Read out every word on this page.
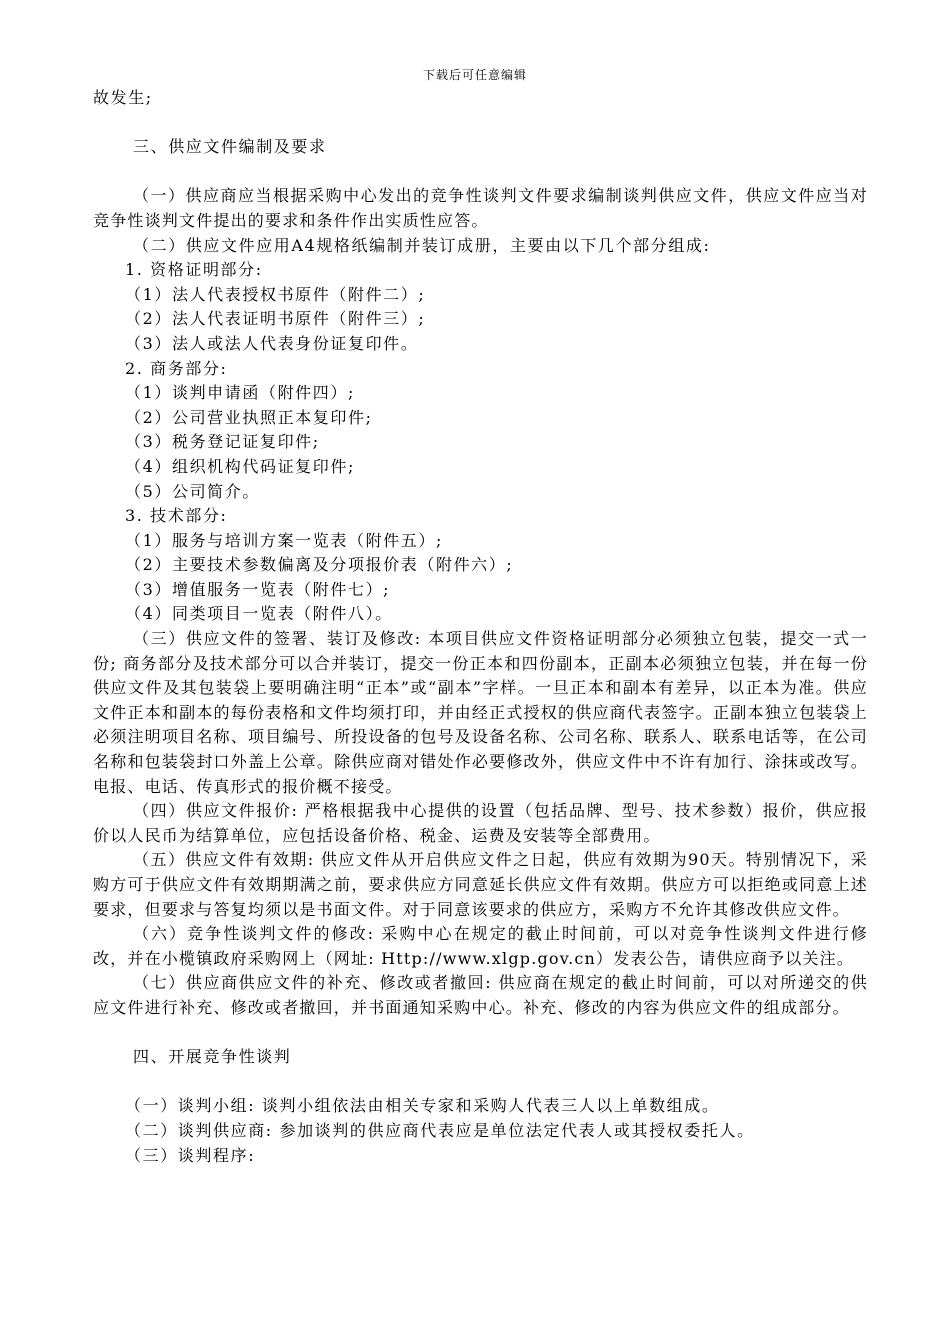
下载后可任意编辑
故发生;
三、供应文件编制及要求
（一）供应商应当根据采购中心发出的竞争性谈判文件要求编制谈判供应文件，供应文件应当对竞争性谈判文件提出的要求和条件作出实质性应答。
（二）供应文件应用A4规格纸编制并装订成册，主要由以下几个部分组成:
1. 资格证明部分:
（1）法人代表授权书原件（附件二）;
（2）法人代表证明书原件（附件三）;
（3）法人或法人代表身份证复印件。
2. 商务部分:
（1）谈判申请函（附件四）;
（2）公司营业执照正本复印件;
（3）税务登记证复印件;
（4）组织机构代码证复印件;
（5）公司简介。
3. 技术部分:
（1）服务与培训方案一览表（附件五）;
（2）主要技术参数偏离及分项报价表（附件六）;
（3）增值服务一览表（附件七）;
（4）同类项目一览表（附件八）。
（三）供应文件的签署、装订及修改: 本项目供应文件资格证明部分必须独立包装，提交一式一份; 商务部分及技术部分可以合并装订，提交一份正本和四份副本，正副本必须独立包装，并在每一份供应文件及其包装袋上要明确注明“正本”或“副本”字样。一旦正本和副本有差异，以正本为准。供应文件正本和副本的每份表格和文件均须打印，并由经正式授权的供应商代表签字。正副本独立包装袋上必须注明项目名称、项目编号、所投设备的包号及设备名称、公司名称、联系人、联系电话等，在公司名称和包装袋封口外盖上公章。除供应商对错处作必要修改外，供应文件中不许有加行、涂抹或改写。电报、电话、传真形式的报价概不接受。
（四）供应文件报价: 严格根据我中心提供的设置（包括品牌、型号、技术参数）报价，供应报价以人民币为结算单位，应包括设备价格、税金、运费及安装等全部费用。
（五）供应文件有效期: 供应文件从开启供应文件之日起，供应有效期为90天。特别情况下，采购方可于供应文件有效期期满之前，要求供应方同意延长供应文件有效期。供应方可以拒绝或同意上述要求，但要求与答复均须以是书面文件。对于同意该要求的供应方，采购方不允许其修改供应文件。
（六）竞争性谈判文件的修改: 采购中心在规定的截止时间前，可以对竞争性谈判文件进行修改，并在小榄镇政府采购网上（网址: Http://www.xlgp.gov.cn）发表公告，请供应商予以关注。
（七）供应商供应文件的补充、修改或者撤回: 供应商在规定的截止时间前，可以对所递交的供应文件进行补充、修改或者撤回，并书面通知采购中心。补充、修改的内容为供应文件的组成部分。
四、开展竞争性谈判
（一）谈判小组: 谈判小组依法由相关专家和采购人代表三人以上单数组成。
（二）谈判供应商: 参加谈判的供应商代表应是单位法定代表人或其授权委托人。
（三）谈判程序:
